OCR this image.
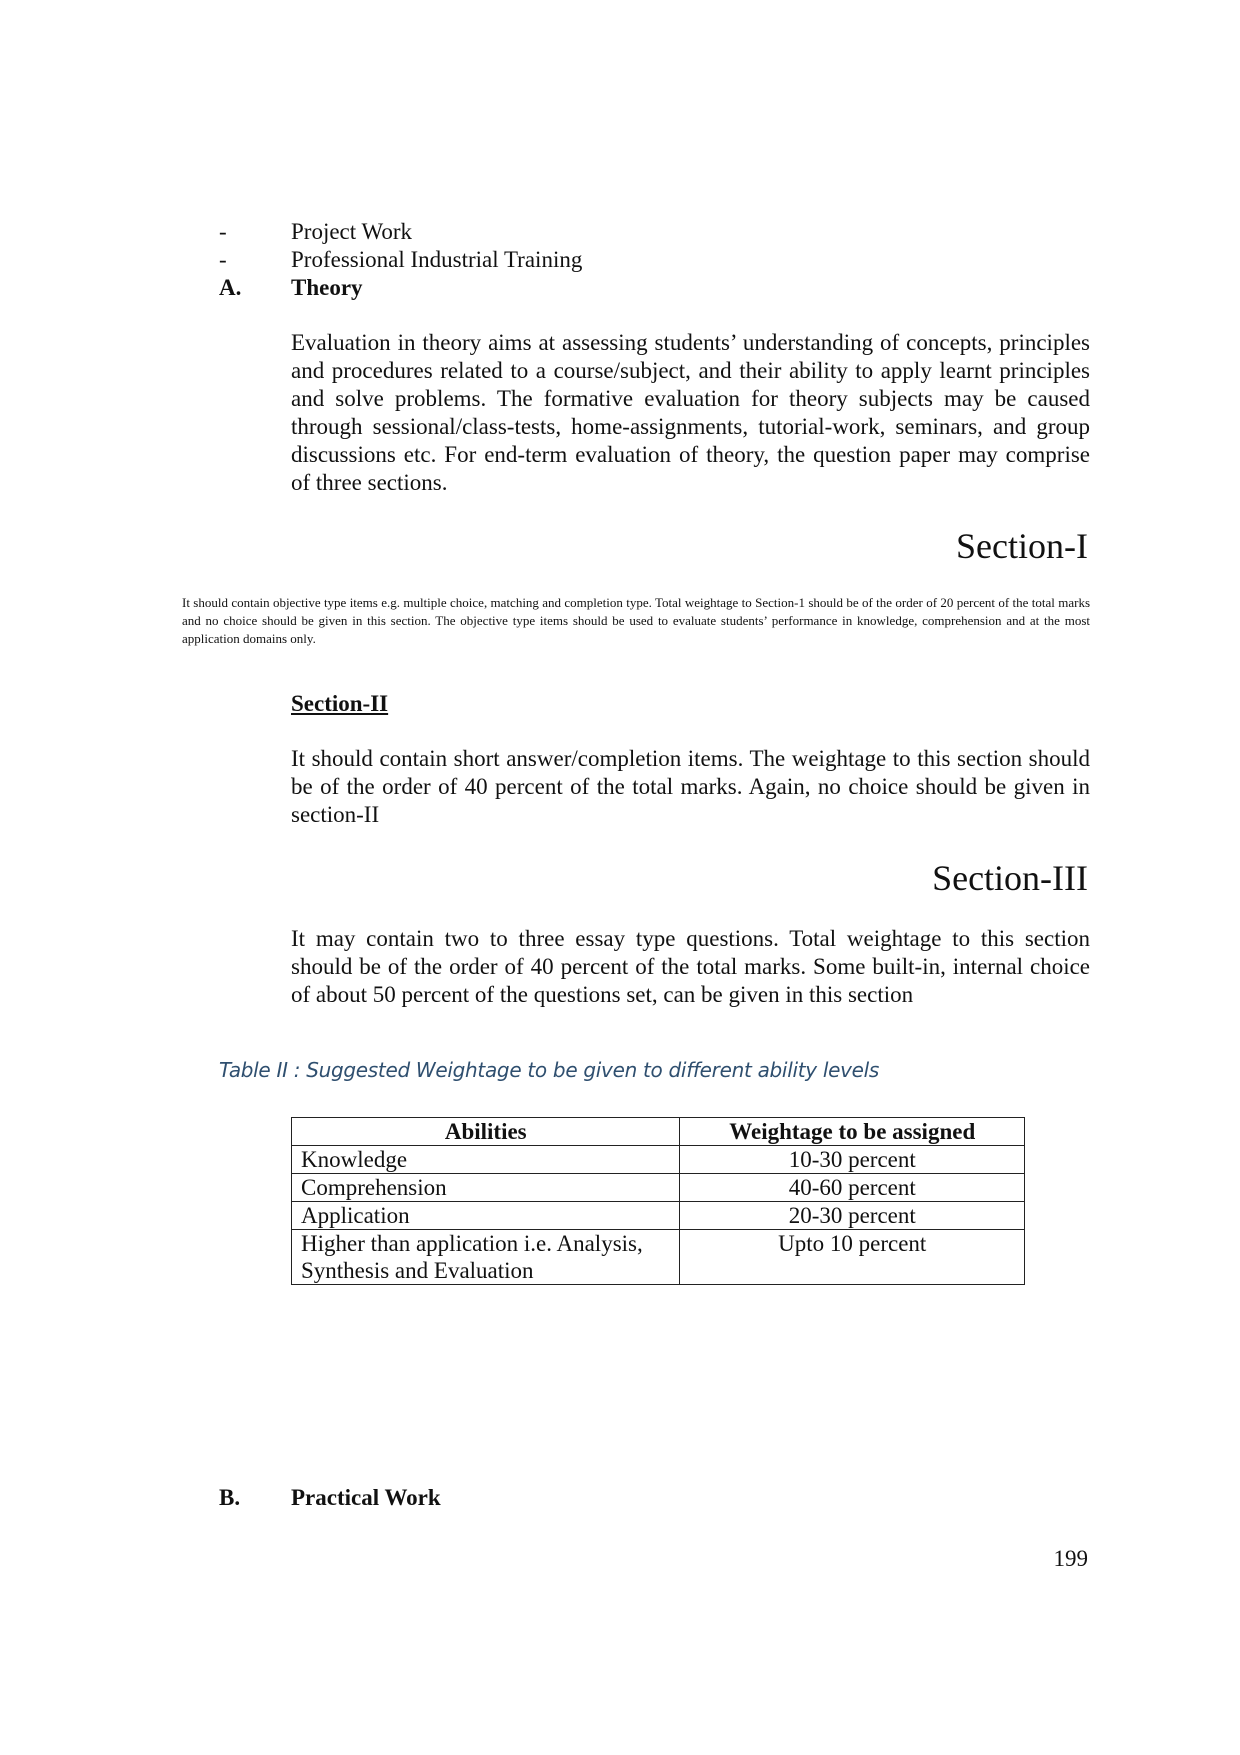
-	Project Work
-	Professional Industrial Training
A. Theory

Evaluation in theory aims at assessing students’ understanding of concepts, principles and procedures related to a course/subject, and their ability to apply learnt principles and solve problems. The formative evaluation for theory subjects may be caused through sessional/class-tests, home-assignments, tutorial-work, seminars, and group discussions etc. For end-term evaluation of theory, the question paper may comprise of three sections.

Section-I

It should contain objective type items e.g. multiple choice, matching and completion type. Total weightage to Section-1 should be of the order of 20 percent of the total marks and no choice should be given in this section. The objective type items should be used to evaluate students’ performance in knowledge, comprehension and at the most application domains only.

Section-II

It should contain short answer/completion items. The weightage to this section should be of the order of 40 percent of the total marks. Again, no choice should be given in section-II

Section-III

It may contain two to three essay type questions. Total weightage to this section should be of the order of 40 percent of the total marks. Some built-in, internal choice of about 50 percent of the questions set, can be given in this section

Table II : Suggested Weightage to be given to different ability levels
Abilities	Weightage to be assigned
Knowledge	10-30 percent
Comprehension	40-60 percent
Application	20-30 percent
Higher than application i.e. Analysis, Synthesis and Evaluation	Upto 10 percent
B. Practical Work
199
